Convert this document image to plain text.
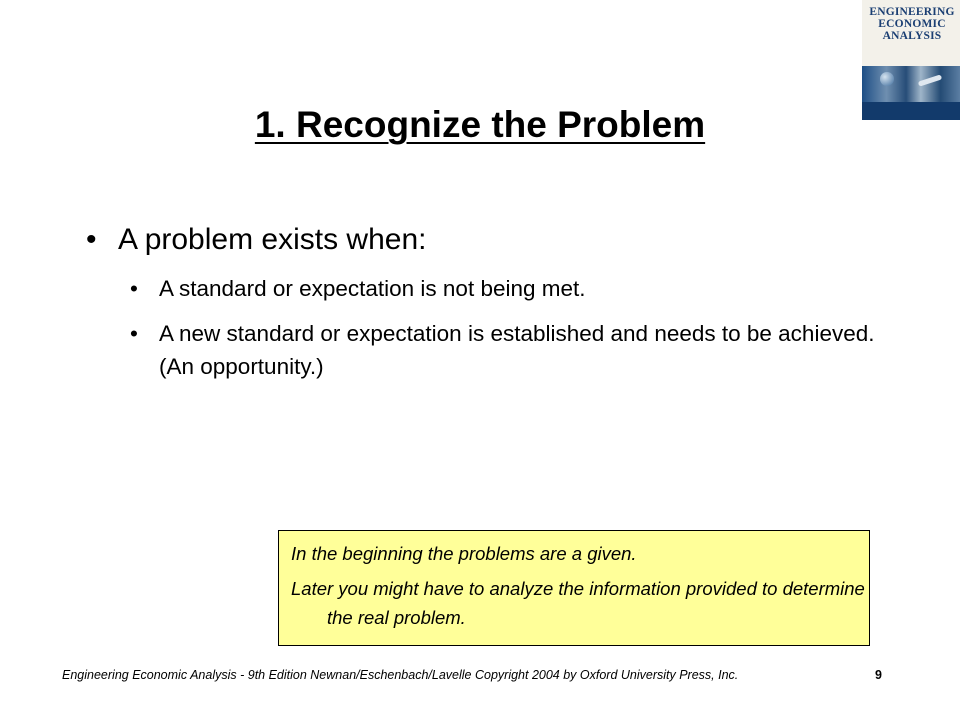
ENGINEERING ECONOMIC ANALYSIS
1. Recognize the Problem
• A problem exists when:
• A standard or expectation is not being met.
• A new standard or expectation is established and needs to be achieved. (An opportunity.)
In the beginning the problems are a given.
Later you might have to analyze the information provided to determine the real problem.
Engineering Economic Analysis - 9th Edition Newnan/Eschenbach/Lavelle Copyright 2004 by Oxford University Press, Inc.	9
